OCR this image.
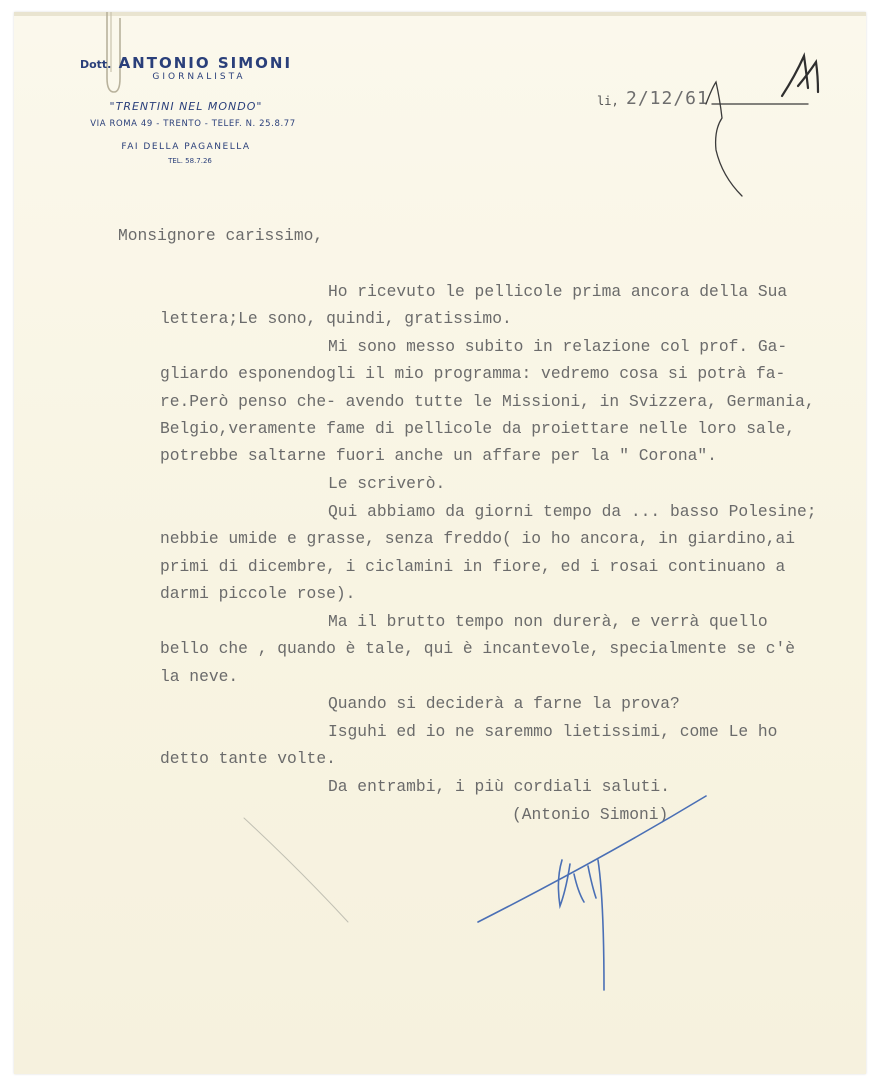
Dott. ANTONIO SIMONI
GIORNALISTA
"TRENTINI NEL MONDO"
VIA ROMA 49 - TRENTO - TELEF. N. 25.8.77
FAI DELLA PAGANELLA
TEL. 58.7.26
li, 2/12/61
Monsignore carissimo,
Ho ricevuto le pellicole prima ancora della Sua
lettera;Le sono, quindi, gratissimo.
Mi sono messo subito in relazione col prof. Ga-
gliardo esponendogli il mio programma: vedremo cosa si potrà fa-
re.Però penso che- avendo tutte le Missioni, in Svizzera, Germania,
Belgio,veramente fame di pellicole da proiettare nelle loro sale,
potrebbe saltarne fuori anche un affare per la " Corona".
Le scriverò.
Qui abbiamo da giorni tempo da ... basso Polesine;
nebbie umide e grasse, senza freddo( io ho ancora, in giardino,ai
primi di dicembre, i ciclamini in fiore, ed i rosai continuano a
darmi piccole rose).
Ma il brutto tempo non durerà, e verrà quello
bello che , quando è tale, qui è incantevole, specialmente se c'è
la neve.
Quando si deciderà a farne la prova?
Isguhi ed io ne saremmo lietissimi, come Le ho
detto tante volte.
Da entrambi, i più cordiali saluti.
(Antonio Simoni)
